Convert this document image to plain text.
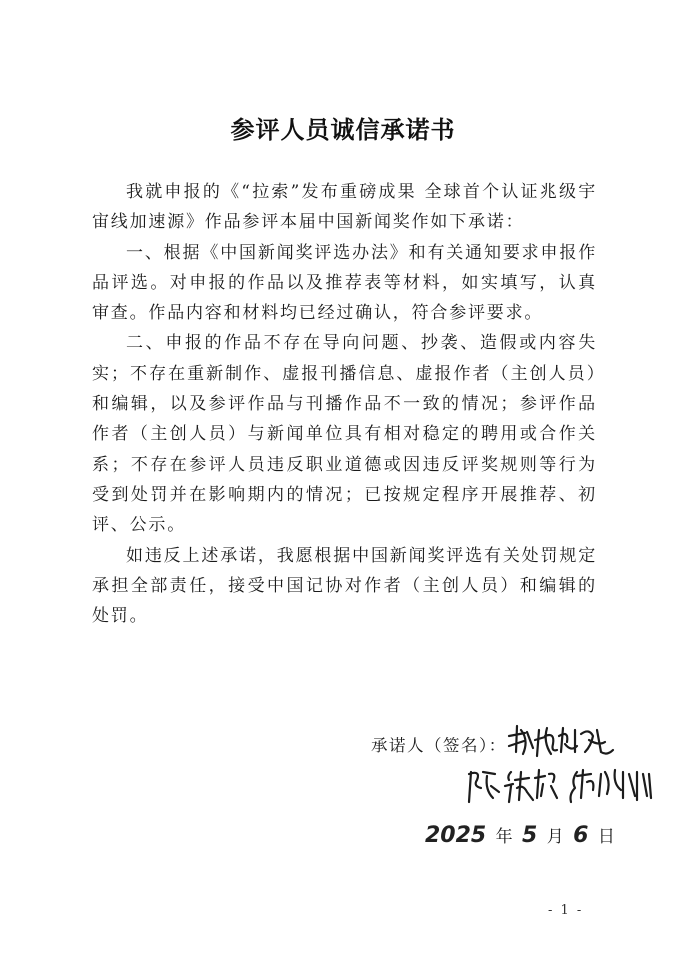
参评人员诚信承诺书

我就申报的《“拉索”发布重磅成果 全球首个认证兆级宇宙线加速源》作品参评本届中国新闻奖作如下承诺：

一、根据《中国新闻奖评选办法》和有关通知要求申报作品评选。对申报的作品以及推荐表等材料，如实填写，认真审查。作品内容和材料均已经过确认，符合参评要求。

二、申报的作品不存在导向问题、抄袭、造假或内容失实；不存在重新制作、虚报刊播信息、虚报作者（主创人员）和编辑，以及参评作品与刊播作品不一致的情况；参评作品作者（主创人员）与新闻单位具有相对稳定的聘用或合作关系；不存在参评人员违反职业道德或因违反评奖规则等行为受到处罚并在影响期内的情况；已按规定程序开展推荐、初评、公示。

如违反上述承诺，我愿根据中国新闻奖评选有关处罚规定承担全部责任，接受中国记协对作者（主创人员）和编辑的处罚。

承诺人（签名）：
2025 年 5 月 6 日
- 1 -
